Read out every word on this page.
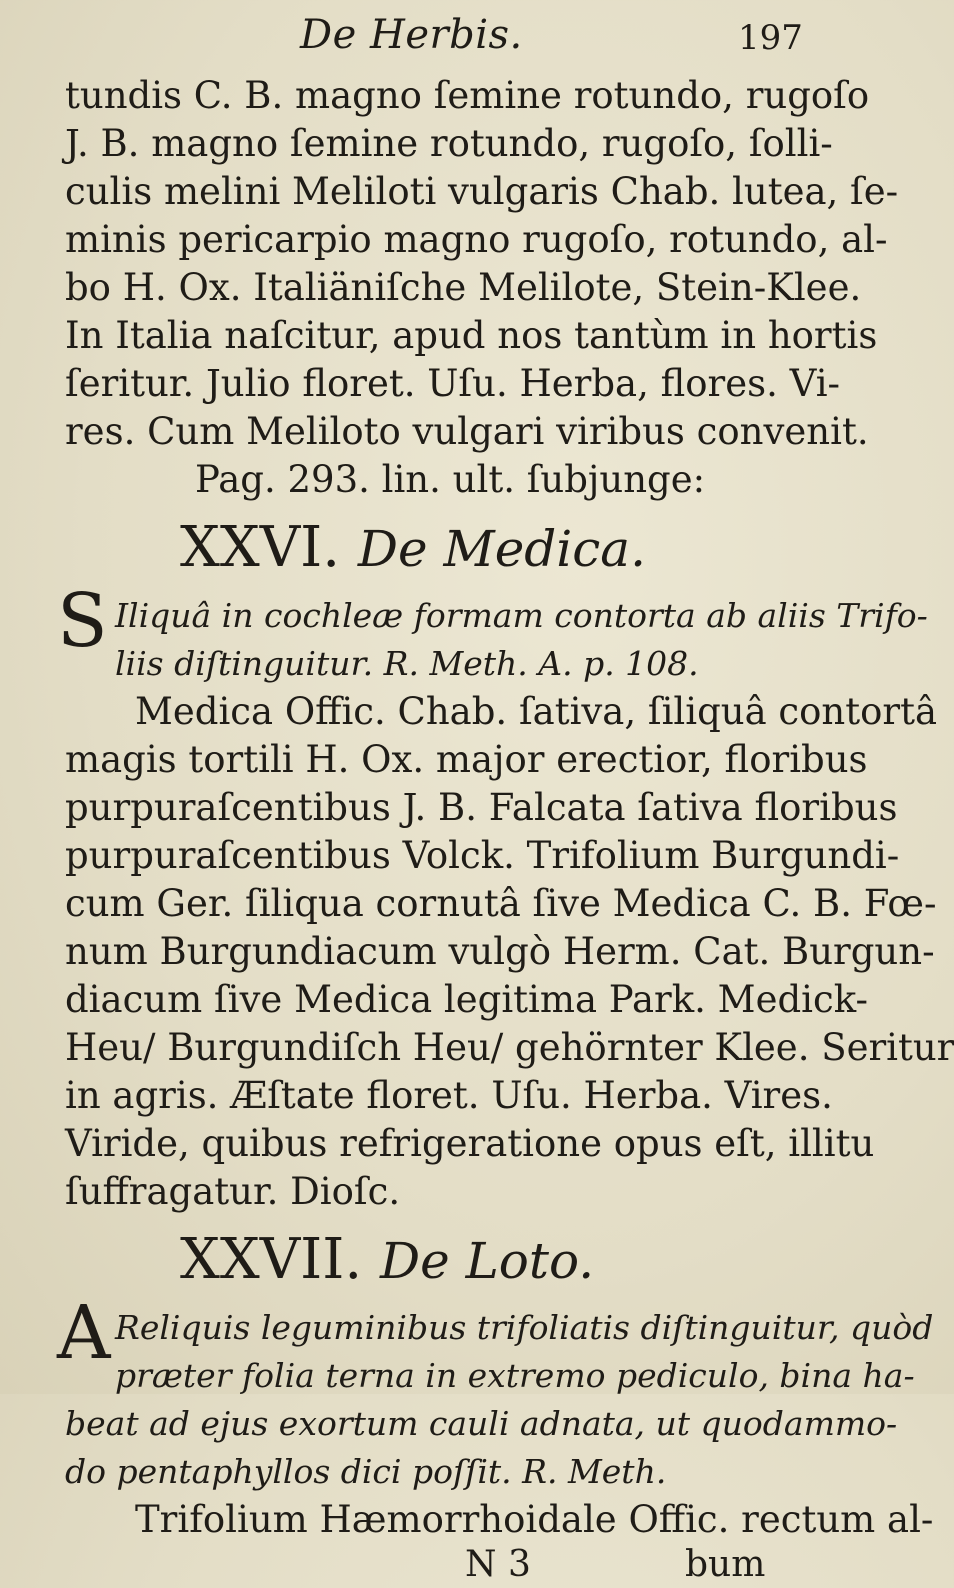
De Herbis.	197
tundis C. B. magno ſemine rotundo, rugoſo
J. B. magno ſemine rotundo, rugoſo, ſolli-
culis melini Meliloti vulgaris Chab. lutea, ſe-
minis pericarpio magno rugoſo, rotundo, al-
bo H. Ox. Italiäniſche Melilote, Stein-Klee.
In Italia naſcitur, apud nos tantùm in hortis
ſeritur. Julio floret. Uſu. Herba, flores. Vi-
res. Cum Meliloto vulgari viribus convenit.
Pag. 293. lin. ult. ſubjunge:
XXVI. De Medica.
S Iliquâ in cochleæ formam contorta ab aliis Trifo-
liis diſtinguitur. R. Meth. A. p. 108.
Medica Offic. Chab. ſativa, ſiliquâ contortâ
magis tortili H. Ox. major erectior, floribus
purpuraſcentibus J. B. Falcata ſativa floribus
purpuraſcentibus Volck. Trifolium Burgundi-
cum Ger. ſiliqua cornutâ ſive Medica C. B. Fœ-
num Burgundiacum vulgò Herm. Cat. Burgun-
diacum ſive Medica legitima Park. Medick-
Heu/ Burgundiſch Heu/ gehörnter Klee. Seritur
in agris. Æſtate floret. Uſu. Herba. Vires.
Viride, quibus refrigeratione opus eſt, illitu
ſuffragatur. Dioſc.
XXVII. De Loto.
A Reliquis leguminibus trifoliatis diſtinguitur, quòd
præter folia terna in extremo pediculo, bina ha-
beat ad ejus exortum cauli adnata, ut quodammo-
do pentaphyllos dici poſſit. R. Meth.
Trifolium Hæmorrhoidale Offic. rectum al-
N 3	bum
